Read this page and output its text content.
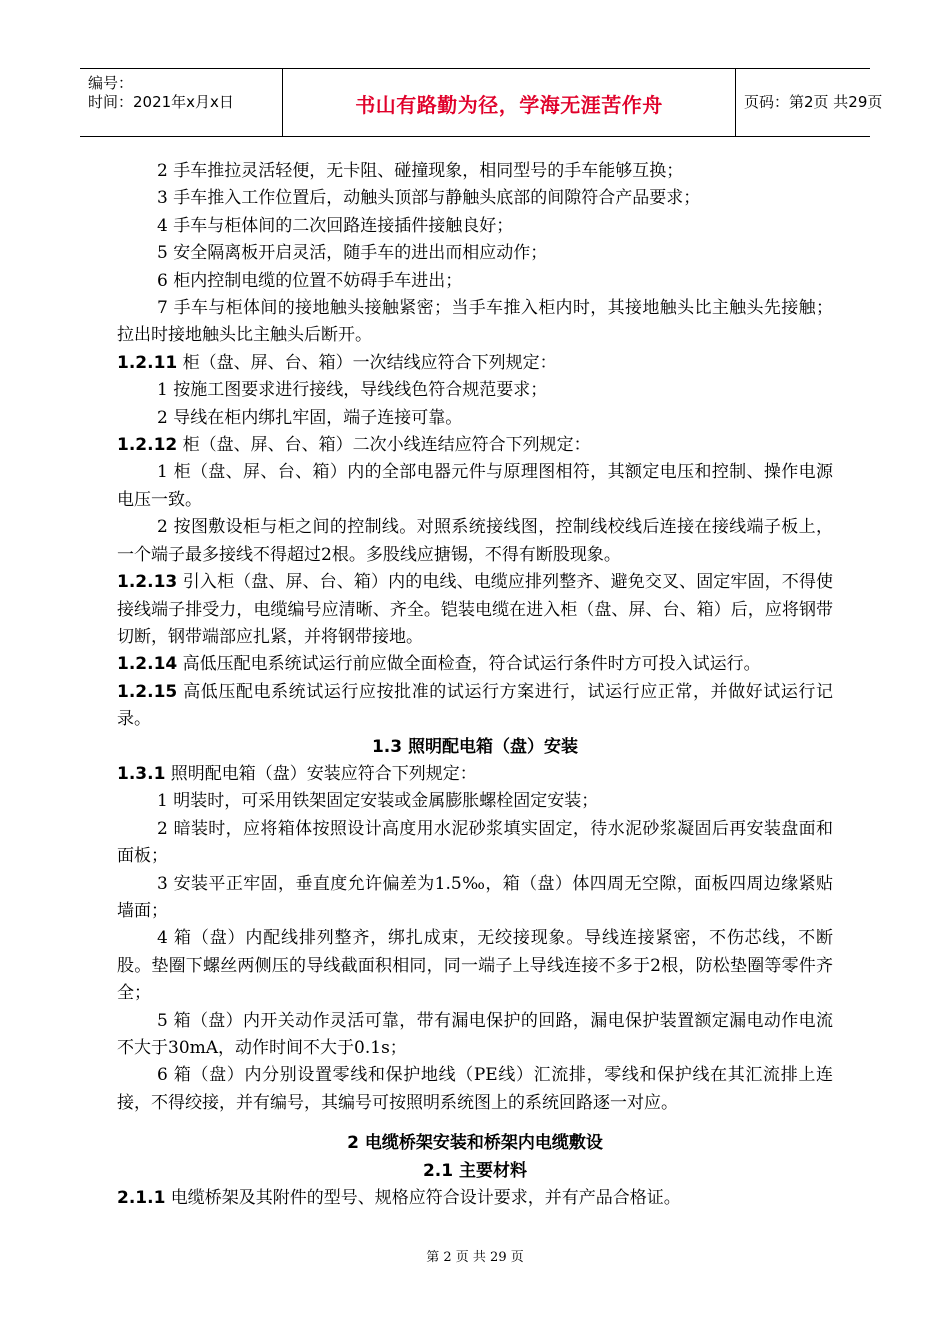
编号：
时间：2021年x月x日	书山有路勤为径，学海无涯苦作舟	页码：第2页 共29页

2 手车推拉灵活轻便，无卡阻、碰撞现象，相同型号的手车能够互换；

3 手车推入工作位置后，动触头顶部与静触头底部的间隙符合产品要求；

4 手车与柜体间的二次回路连接插件接触良好；

5 安全隔离板开启灵活，随手车的进出而相应动作；

6 柜内控制电缆的位置不妨碍手车进出；

7 手车与柜体间的接地触头接触紧密；当手车推入柜内时，其接地触头比主触头先接触；拉出时接地触头比主触头后断开。

1.2.11 柜（盘、屏、台、箱）一次结线应符合下列规定：

1 按施工图要求进行接线，导线线色符合规范要求；

2 导线在柜内绑扎牢固，端子连接可靠。

1.2.12 柜（盘、屏、台、箱）二次小线连结应符合下列规定：

1 柜（盘、屏、台、箱）内的全部电器元件与原理图相符，其额定电压和控制、操作电源电压一致。

2 按图敷设柜与柜之间的控制线。对照系统接线图，控制线校线后连接在接线端子板上，一个端子最多接线不得超过2根。多股线应搪锡，不得有断股现象。

1.2.13 引入柜（盘、屏、台、箱）内的电线、电缆应排列整齐、避免交叉、固定牢固，不得使接线端子排受力，电缆编号应清晰、齐全。铠装电缆在进入柜（盘、屏、台、箱）后，应将钢带切断，钢带端部应扎紧，并将钢带接地。

1.2.14 高低压配电系统试运行前应做全面检查，符合试运行条件时方可投入试运行。

1.2.15 高低压配电系统试运行应按批准的试运行方案进行，试运行应正常，并做好试运行记录。

1.3 照明配电箱（盘）安装

1.3.1 照明配电箱（盘）安装应符合下列规定：

1 明装时，可采用铁架固定安装或金属膨胀螺栓固定安装；

2 暗装时，应将箱体按照设计高度用水泥砂浆填实固定，待水泥砂浆凝固后再安装盘面和面板；

3 安装平正牢固，垂直度允许偏差为1.5‰，箱（盘）体四周无空隙，面板四周边缘紧贴墙面；

4 箱（盘）内配线排列整齐，绑扎成束，无绞接现象。导线连接紧密，不伤芯线，不断股。垫圈下螺丝两侧压的导线截面积相同，同一端子上导线连接不多于2根，防松垫圈等零件齐全；

5 箱（盘）内开关动作灵活可靠，带有漏电保护的回路，漏电保护装置额定漏电动作电流不大于30mA，动作时间不大于0.1s；

6 箱（盘）内分别设置零线和保护地线（PE线）汇流排，零线和保护线在其汇流排上连接，不得绞接，并有编号，其编号可按照明系统图上的系统回路逐一对应。

2 电缆桥架安装和桥架内电缆敷设

2.1 主要材料

2.1.1 电缆桥架及其附件的型号、规格应符合设计要求，并有产品合格证。

第 2 页 共 29 页
